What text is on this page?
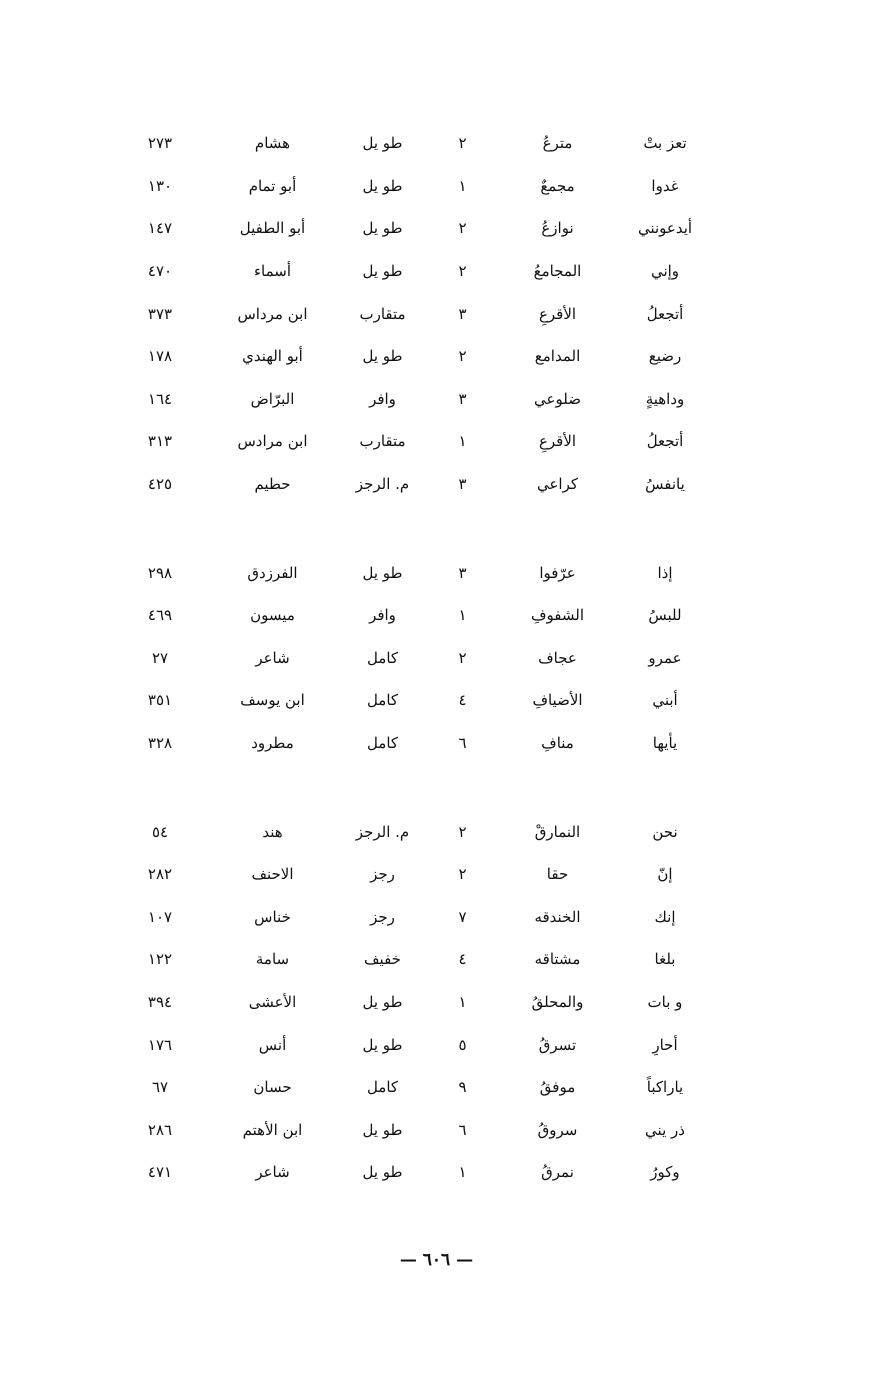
تعز بتْ
مترعُ
٢
طو يل
هشام
٢٧٣
غدوا
مجمعٌ
١
طو يل
أبو تمام
١٣٠
أيدعونني
نوازعُ
٢
طو يل
أبو الطفيل
١٤٧
وإني
المجامعُ
٢
طو يل
أسماء
٤٧٠
أتجعلُ
الأقرعِ
٣
متقارب
ابن مرداس
٣٧٣
رضيع
المدامع
٢
طو يل
أبو الهندي
١٧٨
وداهيةٍ
ضلوعي
٣
وافر
البرّاض
١٦٤
أتجعلُ
الأقرعِ
١
متقارب
ابن مرادس
٣١٣
يانفسُ
كراعي
٣
م. الرجز
حطيم
٤٢٥
إذا
عرّفوا
٣
طو يل
الفرزدق
٢٩٨
للبسُ
الشفوفِ
١
وافر
ميسون
٤٦٩
عمرو
عجاف
٢
كامل
شاعر
٢٧
أبني
الأضيافِ
٤
كامل
ابن يوسف
٣٥١
يأيها
منافِ
٦
كامل
مطرود
٣٢٨
نحن
النمارقْ
٢
م. الرجز
هند
٥٤
إنّ
حقا
٢
رجز
الاحنف
٢٨٢
إنك
الخندقه
٧
رجز
خناس
١٠٧
بلغا
مشتاقه
٤
خفيف
سامة
١٢٢
و بات
والمحلقُ
١
طو يل
الأعشى
٣٩٤
أحارِ
تسرقُ
٥
طو يل
أنس
١٧٦
ياراكباً
موفقُ
٩
كامل
حسان
٦٧
ذر يني
سروقُ
٦
طو يل
ابن الأهتم
٢٨٦
وكورُ
نمرقُ
١
طو يل
شاعر
٤٧١
— ٦٠٦ —
